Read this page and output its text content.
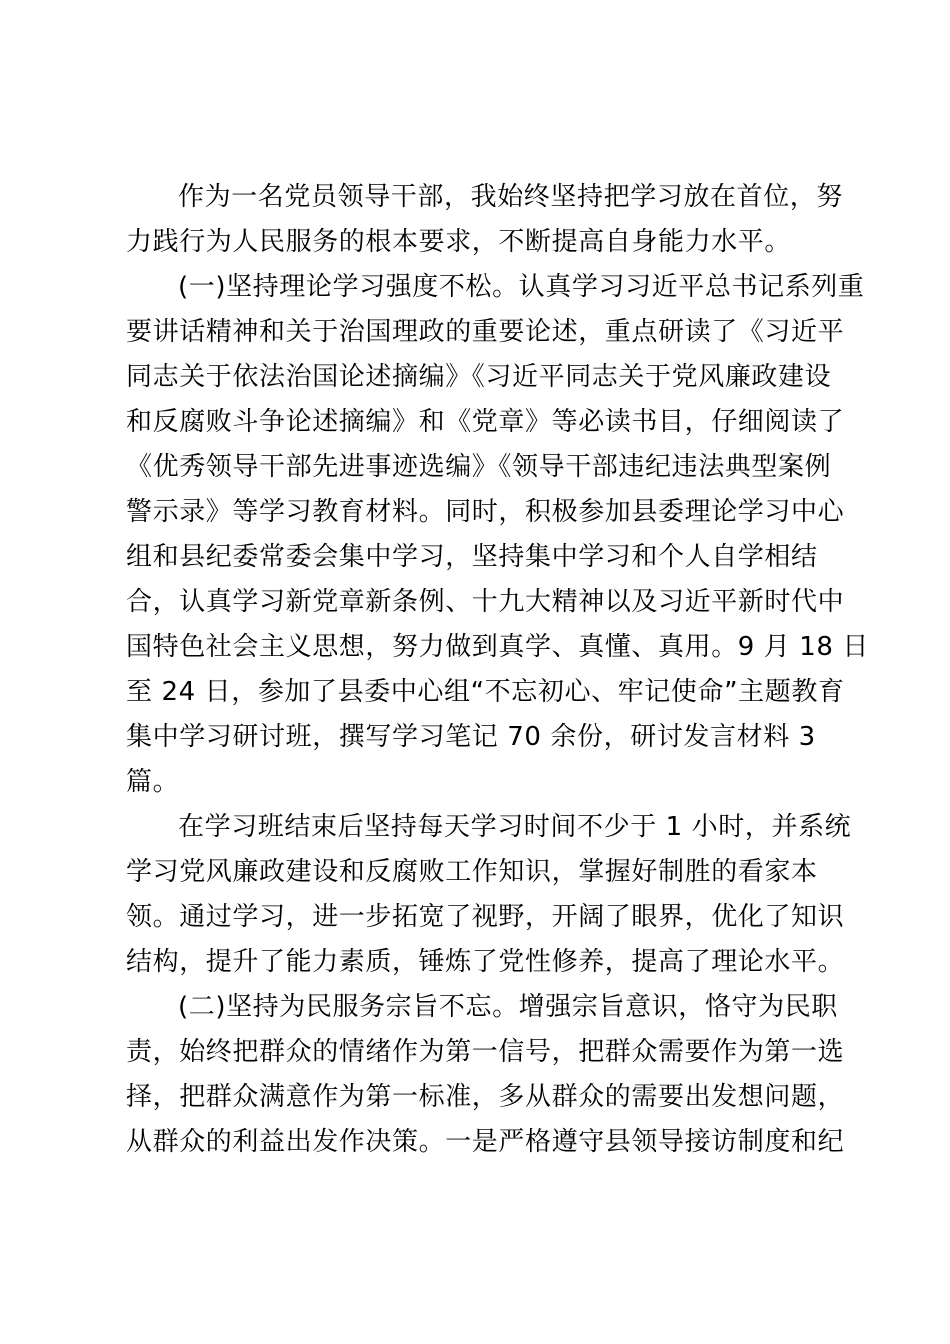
作为一名党员领导干部，我始终坚持把学习放在首位，努
力践行为人民服务的根本要求，不断提高自身能力水平。
(一)坚持理论学习强度不松。认真学习习近平总书记系列重
要讲话精神和关于治国理政的重要论述，重点研读了《习近平
同志关于依法治国论述摘编》《习近平同志关于党风廉政建设
和反腐败斗争论述摘编》和《党章》等必读书目，仔细阅读了
《优秀领导干部先进事迹选编》《领导干部违纪违法典型案例
警示录》等学习教育材料。同时，积极参加县委理论学习中心
组和县纪委常委会集中学习，坚持集中学习和个人自学相结
合，认真学习新党章新条例、十九大精神以及习近平新时代中
国特色社会主义思想，努力做到真学、真懂、真用。9 月 18 日
至 24 日，参加了县委中心组“不忘初心、牢记使命”主题教育
集中学习研讨班，撰写学习笔记 70 余份，研讨发言材料 3
篇。
在学习班结束后坚持每天学习时间不少于 1 小时，并系统
学习党风廉政建设和反腐败工作知识，掌握好制胜的看家本
领。通过学习，进一步拓宽了视野，开阔了眼界，优化了知识
结构，提升了能力素质，锤炼了党性修养，提高了理论水平。
(二)坚持为民服务宗旨不忘。增强宗旨意识，恪守为民职
责，始终把群众的情绪作为第一信号，把群众需要作为第一选
择，把群众满意作为第一标准，多从群众的需要出发想问题，
从群众的利益出发作决策。一是严格遵守县领导接访制度和纪
